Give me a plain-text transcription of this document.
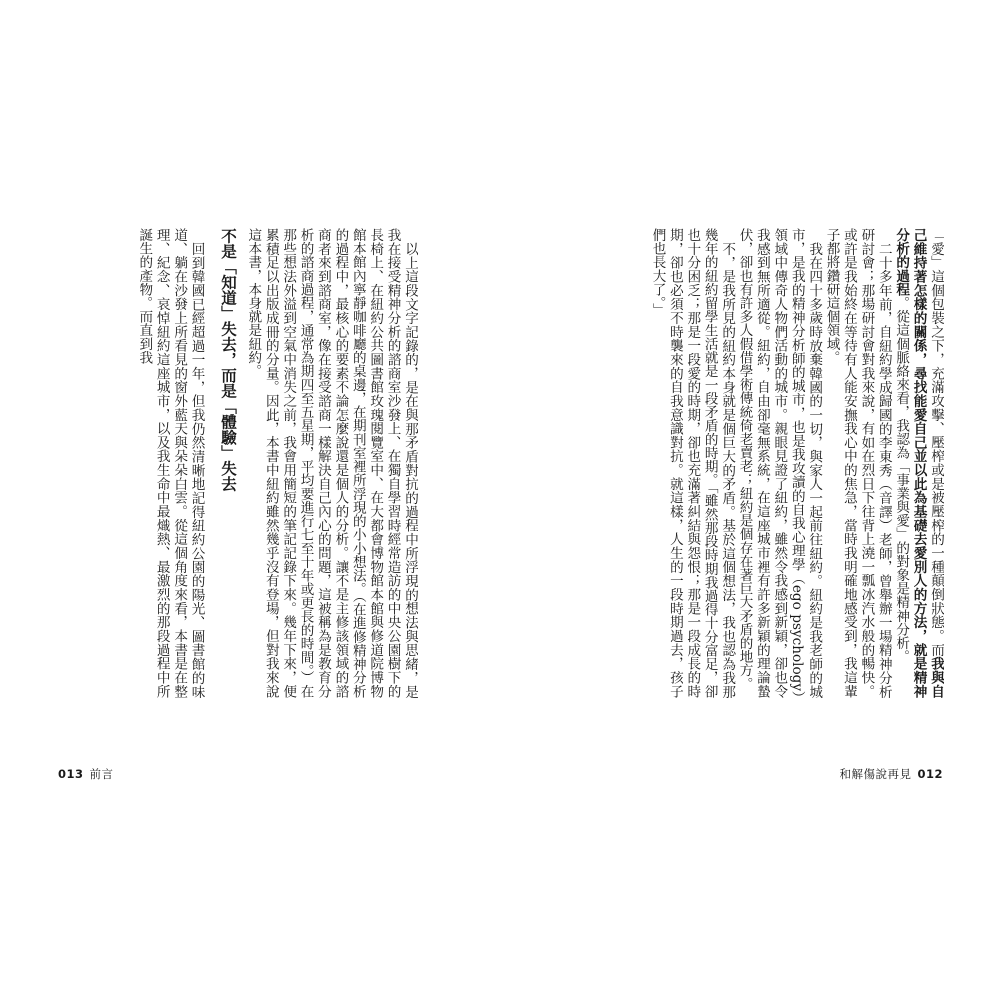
「愛」這個包裝之下，充滿攻擊、壓榨或是被壓榨的一種顛倒狀態。而我與自己維持著怎樣的關係，尋找能愛自己並以此為基礎去愛別人的方法，就是精神分析的過程。從這個脈絡來看，我認為「事業與愛」的對象是精神分析。

二十多年前，自紐約學成歸國的李東秀（音譯）老師，曾舉辦一場精神分析研討會；那場研討會對我來說，有如在烈日下往背上澆一瓢冰汽水般的暢快。或許是我始終在等待有人能安撫我心中的焦急，當時我明確地感受到，我這輩子都將鑽研這個領域。

我在四十多歲時放棄韓國的一切，與家人一起前往紐約。紐約是我老師的城市，是我的精神分析師的城市，也是我攻讀的自我心理學（ego psychology）領域中傳奇人物們活動的城市。親眼見證了紐約，雖然令我感到新穎，卻也令我感到無所適從。紐約，自由卻毫無系統，在這座城市裡有許多新穎的理論蟄伏，卻也有許多人假借學術傳統倚老賣老；紐約是個存在著巨大矛盾的地方。

不，是我所見的紐約本身就是個巨大的矛盾。基於這個想法，我也認為我那幾年的紐約留學生活就是一段矛盾的時期。「雖然那段時期我過得十分富足，卻也十分困乏；那是一段愛的時期，卻也充滿著糾結與怨恨；那是一段成長的時期，卻也必須不時襲來的自我意識對抗。就這樣，人生的一段時期過去，孩子們也長大了。」

以上這段文字記錄的，是在與那矛盾對抗的過程中所浮現的想法與思緒，是我在接受精神分析的諮商室沙發上、在獨自學習時經常造訪的中央公園樹下的長椅上、在紐約公共圖書館玫瑰閱覽室中、在大都會博物館本館與修道院博物館本館內寧靜咖啡廳的桌邊，在期刊室裡所浮現的小小想法。（在進修精神分析的過程中，最核心的要素不論怎麼說還是個人的分析。讓不是主修該領域的諮商者來到諮商室，像在接受諮商一樣解決自己內心的問題，這被稱為是教育分析的諮商過程，通常為期四至五星期，平均要進行七至十年或更長的時間。）在那些想法外溢到空氣中消失之前，我會用簡短的筆記記錄下來。幾年下來，便累積足以出版成冊的分量。因此，本書中紐約雖然幾乎沒有登場，但對我來說這本書，本身就是紐約。

不是「知道」失去，而是「體驗」失去

回到韓國已經超過一年，但我仍然清晰地記得紐約公園的陽光、圖書館的味道、躺在沙發上所看見的窗外藍天與朵朵白雲。從這個角度來看，本書是在整理、紀念、哀悼紐約這座城市，以及我生命中最熾熱、最激烈的那段過程中所誕生的產物。而直到我

013 前言	和解傷說再見 012
